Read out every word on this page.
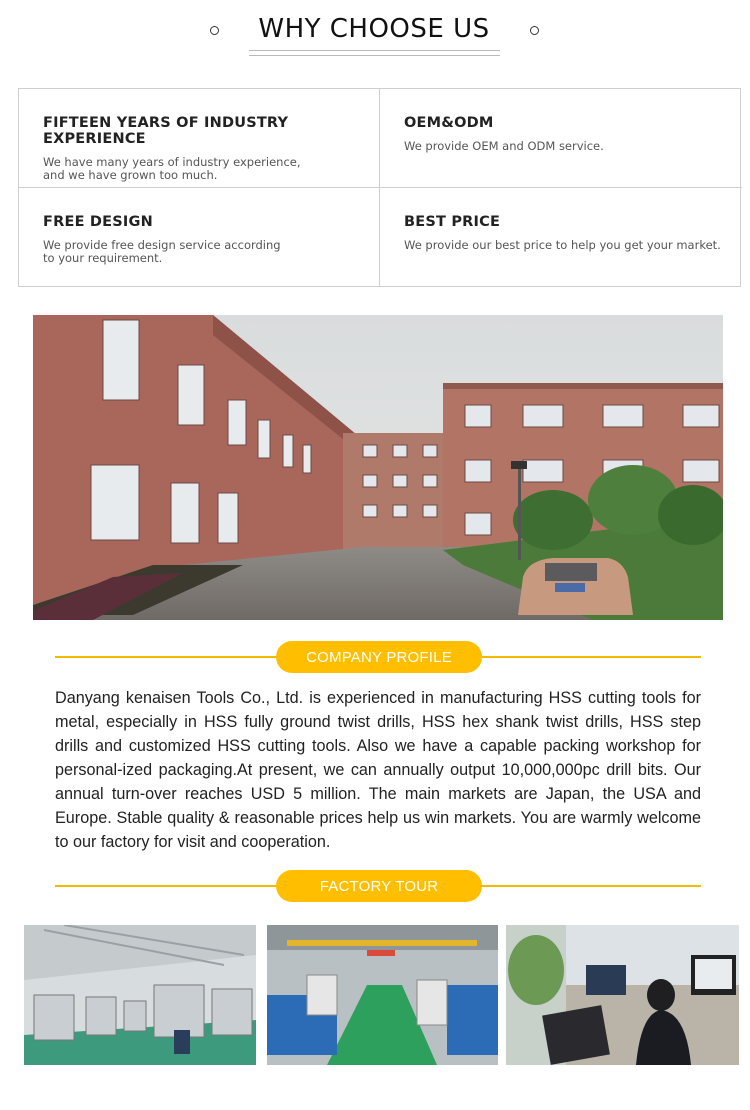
WHY CHOOSE US
FIFTEEN YEARS OF INDUSTRY EXPERIENCE
We have many years of industry experience,
and we have grown too much.
OEM&ODM
We provide OEM and ODM service.
FREE DESIGN
We provide free design service according
to your requirement.
BEST PRICE
We provide our best price to help you get your market.
COMPANY PROFILE

Danyang kenaisen Tools Co., Ltd. is experienced in manufacturing HSS cutting tools for metal, especially in HSS fully ground twist drills, HSS hex shank twist drills, HSS step drills and customized HSS cutting tools. Also we have a capable packing workshop for personal-ized packaging.At present, we can annually output 10,000,000pc drill bits. Our annual turn-over reaches USD 5 million. The main markets are Japan, the USA and Europe. Stable quality & reasonable prices help us win markets. You are warmly welcome to our factory for visit and cooperation.

FACTORY TOUR
